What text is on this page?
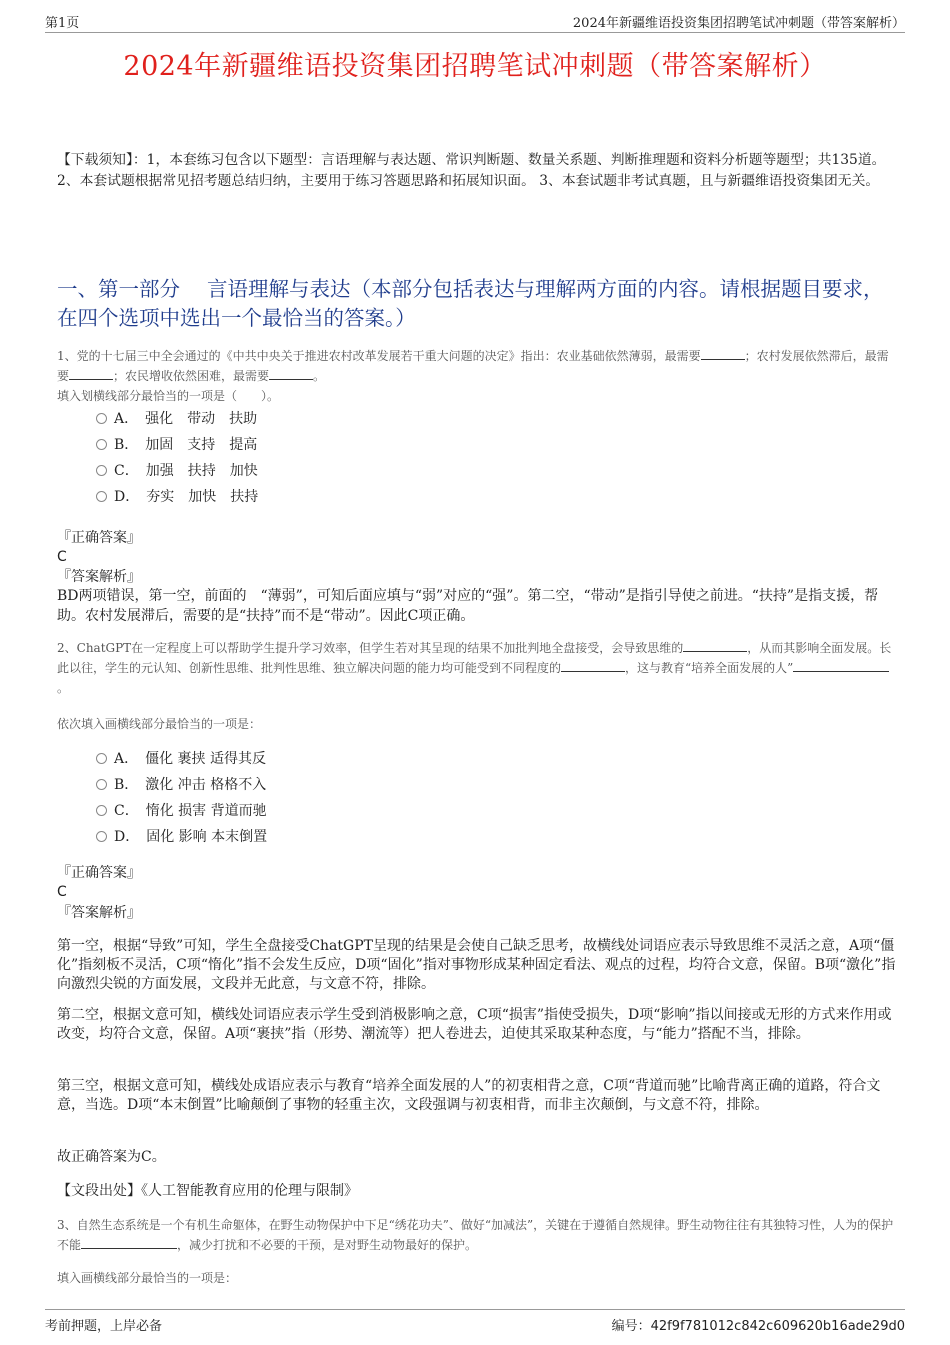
第1页	2024年新疆维语投资集团招聘笔试冲刺题（带答案解析）
2024年新疆维语投资集团招聘笔试冲刺题（带答案解析）
【下载须知】：1，本套练习包含以下题型：言语理解与表达题、常识判断题、数量关系题、判断推理题和资料分析题等题型；共135道。 2、本套试题根据常见招考题总结归纳，主要用于练习答题思路和拓展知识面。 3、本套试题非考试真题，且与新疆维语投资集团无关。
一、第一部分　 言语理解与表达（本部分包括表达与理解两方面的内容。请根据题目要求，在四个选项中选出一个最恰当的答案。）
1、党的十七届三中全会通过的《中共中央关于推进农村改革发展若干重大问题的决定》指出：农业基础依然薄弱，最需要	；农村发展依然滞后，最需要	；农民增收依然困难，最需要	。
填入划横线部分最恰当的一项是（　　）。
A．　强化　带动　扶助
B．　加固　支持　提高
C．　加强　扶持　加快
D．　夯实　加快　扶持
『正确答案』
C
『答案解析』
BD两项错误，第一空，前面的　“薄弱”，可知后面应填与“弱”对应的“强”。第二空，“带动”是指引导使之前进。“扶持”是指支援，帮助。农村发展滞后，需要的是“扶持”而不是“带动”。因此C项正确。
2、ChatGPT在一定程度上可以帮助学生提升学习效率，但学生若对其呈现的结果不加批判地全盘接受，会导致思维的	，从而其影响全面发展。长此以往，学生的元认知、创新性思维、批判性思维、独立解决问题的能力均可能受到不同程度的	，这与教育“培养全面发展的人”。
依次填入画横线部分最恰当的一项是：
A．　僵化 裹挟 适得其反
B．　激化 冲击 格格不入
C．　惰化 损害 背道而驰
D．　固化 影响 本末倒置
『正确答案』
C
『答案解析』
第一空，根据“导致”可知，学生全盘接受ChatGPT呈现的结果是会使自己缺乏思考，故横线处词语应表示导致思维不灵活之意，A项“僵化”指刻板不灵活，C项“惰化”指不会发生反应，D项“固化”指对事物形成某种固定看法、观点的过程，均符合文意，保留。B项“激化”指向激烈尖锐的方面发展，文段并无此意，与文意不符，排除。
第二空，根据文意可知，横线处词语应表示学生受到消极影响之意，C项“损害”指使受损失，D项“影响”指以间接或无形的方式来作用或改变，均符合文意，保留。A项“裹挟”指（形势、潮流等）把人卷进去，迫使其采取某种态度，与“能力”搭配不当，排除。
第三空，根据文意可知，横线处成语应表示与教育“培养全面发展的人”的初衷相背之意，C项“背道而驰”比喻背离正确的道路，符合文意，当选。D项“本末倒置”比喻颠倒了事物的轻重主次，文段强调与初衷相背，而非主次颠倒，与文意不符，排除。
故正确答案为C。
【文段出处】《人工智能教育应用的伦理与限制》
3、自然生态系统是一个有机生命躯体，在野生动物保护中下足“绣花功夫”、做好“加减法”，关键在于遵循自然规律。野生动物往往有其独特习性，人为的保护不能	，减少打扰和不必要的干预，是对野生动物最好的保护。
填入画横线部分最恰当的一项是：
考前押题，上岸必备	编号：42f9f781012c842c609620b16ade29d0
